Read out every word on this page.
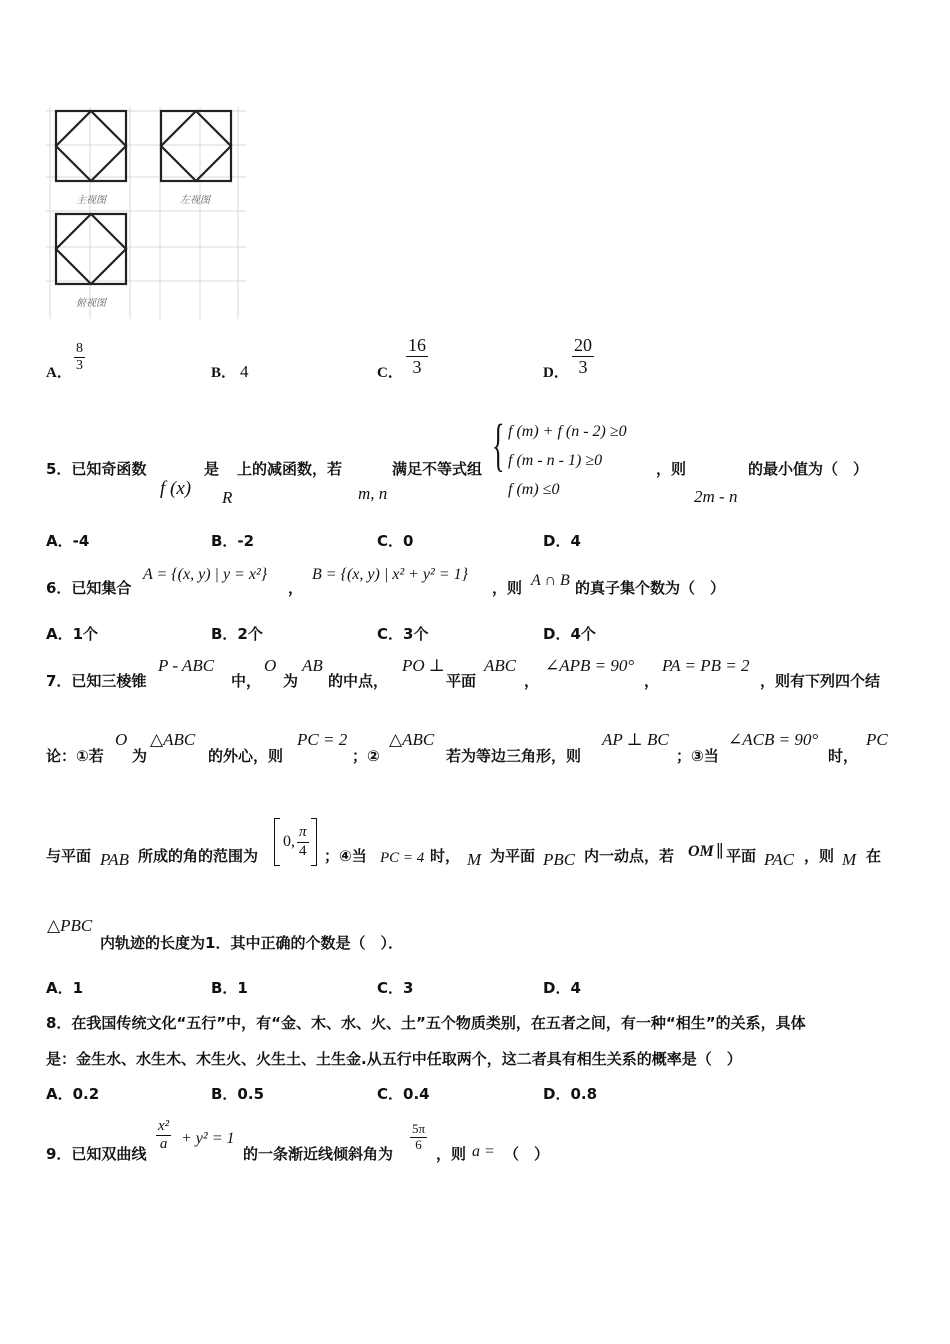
主视图	左视图
俯视图
A． $\frac{8}{3}$	B． 4	C． $\frac{16}{3}$	D． $\frac{20}{3}$
5．已知奇函数
f (x)
是
R
上的减函数，若
m, n
满足不等式组 { f (m) + f (n - 2) ≥0
f (m - n - 1) ≥0
f (m) ≤0
，则
2m - n
的最小值为（　）
A．-4	B．-2	C．0	D．4
6．已知集合
A = {(x, y) | y = x²}
，
B = {(x, y) | x² + y² = 1}
，则 A ∩ B 的真子集个数为（　）
A．1个	B．2个	C．3个	D．4个
7．已知三棱锥
P - ABC
中，
O
为
AB
的中点，
PO ⊥
平面
ABC
，
∠APB = 90°
，
PA = PB = 2
，则有下列四个结
论：①若
O
为
△ABC
的外心，则
PC = 2
；②
△ABC
若为等边三角形，则
AP ⊥ BC
；③当
∠ACB = 90°
时，
PC
与平面 PAB 所成的角的范围为
0, $\frac{\pi}{4}$ ；④当 PC = 4 时， M 为平面 PBC 内一动点，若 OM ∥ 平面 PAC ，则 M 在
△PBC
内轨迹的长度为1．其中正确的个数是（　）．
A．1	B．1	C．3	D．4
8．在我国传统文化“五行”中，有“金、木、水、火、土”五个物质类别，在五者之间，有一种“相生”的关系，具体
是：金生水、水生木、木生火、火生土、土生金.从五行中任取两个，这二者具有相生关系的概率是（　）
A．0.2	B．0.5	C．0.4	D．0.8
9．已知双曲线
$\frac{\text{x²}}{a} + y^2 = 1$
的一条渐近线倾斜角为
$\frac{5\pi}{6}$
，则 a = （　）
